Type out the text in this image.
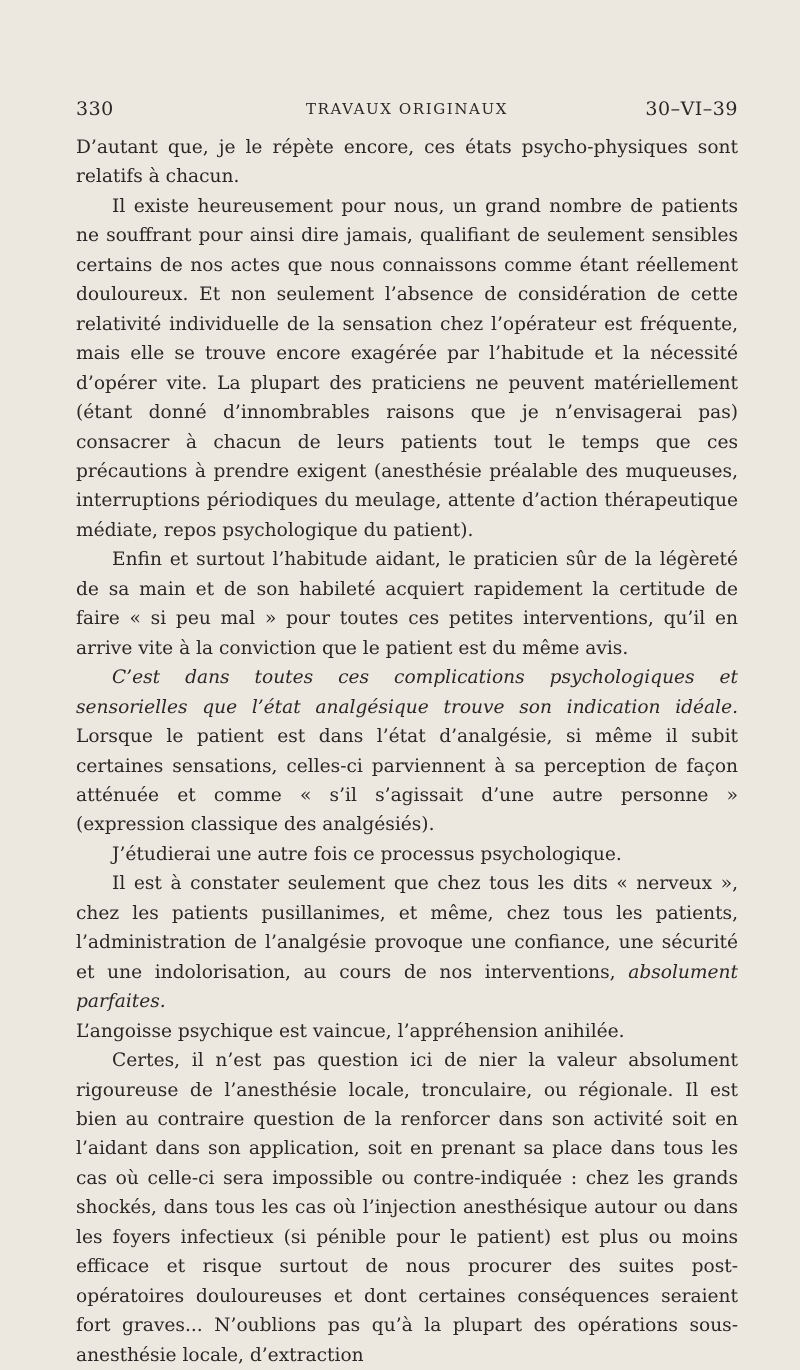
330	TRAVAUX ORIGINAUX	30–VI–39

D’autant que, je le répète encore, ces états psycho-physiques sont relatifs à chacun.

Il existe heureusement pour nous, un grand nombre de patients ne souffrant pour ainsi dire jamais, qualifiant de seulement sensibles certains de nos actes que nous connaissons comme étant réellement douloureux. Et non seulement l’absence de considération de cette relativité individuelle de la sensation chez l’opérateur est fréquente, mais elle se trouve encore exagérée par l’habitude et la nécessité d’opérer vite. La plupart des praticiens ne peuvent matériellement (étant donné d’innombrables raisons que je n’envisagerai pas) consacrer à chacun de leurs patients tout le temps que ces précautions à prendre exigent (anesthésie préalable des muqueuses, interruptions périodiques du meulage, attente d’action thérapeutique médiate, repos psychologique du patient).

Enfin et surtout l’habitude aidant, le praticien sûr de la légèreté de sa main et de son habileté acquiert rapidement la certitude de faire « si peu mal » pour toutes ces petites interventions, qu’il en arrive vite à la conviction que le patient est du même avis.

C’est dans toutes ces complications psychologiques et sensorielles que l’état analgésique trouve son indication idéale. Lorsque le patient est dans l’état d’analgésie, si même il subit certaines sensations, celles-ci parviennent à sa perception de façon atténuée et comme « s’il s’agissait d’une autre personne » (expression classique des analgésiés).

J’étudierai une autre fois ce processus psychologique.

Il est à constater seulement que chez tous les dits « nerveux », chez les patients pusillanimes, et même, chez tous les patients, l’administration de l’analgésie provoque une confiance, une sécurité et une indolorisation, au cours de nos interventions, absolument parfaites.

L’angoisse psychique est vaincue, l’appréhension anihilée.

Certes, il n’est pas question ici de nier la valeur absolument rigoureuse de l’anesthésie locale, tronculaire, ou régionale. Il est bien au contraire question de la renforcer dans son activité soit en l’aidant dans son application, soit en prenant sa place dans tous les cas où celle-ci sera impossible ou contre-indiquée : chez les grands shockés, dans tous les cas où l’injection anesthésique autour ou dans les foyers infectieux (si pénible pour le patient) est plus ou moins efficace et risque surtout de nous procurer des suites post-opératoires douloureuses et dont certaines conséquences seraient fort graves... N’oublions pas qu’à la plupart des opérations sous-anesthésie locale, d’extraction
